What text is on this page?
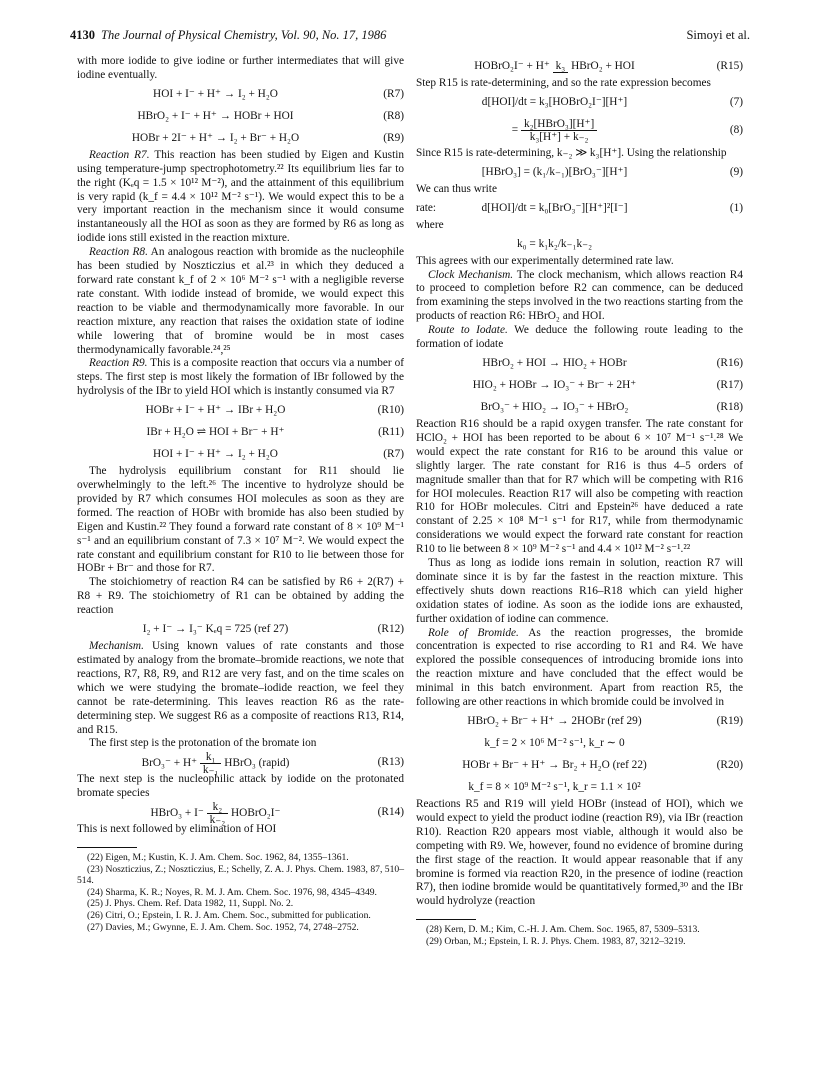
4130 The Journal of Physical Chemistry, Vol. 90, No. 17, 1986	Simoyi et al.

with more iodide to give iodine or further intermediates that will give iodine eventually.

HOI + I⁻ + H⁺ → I₂ + H₂O	(R7)
HBrO₂ + I⁻ + H⁺ → HOBr + HOI	(R8)
HOBr + 2I⁻ + H⁺ → I₂ + Br⁻ + H₂O	(R9)

Reaction R7. This reaction has been studied by Eigen and Kustin using temperature-jump spectrophotometry.²² Its equilibrium lies far to the right (Kₑq = 1.5 × 10¹² M⁻²), and the attainment of this equilibrium is very rapid (k_f = 4.4 × 10¹² M⁻² s⁻¹). We would expect this to be a very important reaction in the mechanism since it would consume instantaneously all the HOI as soon as they are formed by R6 as long as iodide ions still existed in the reaction mixture.

Reaction R8. An analogous reaction with bromide as the nucleophile has been studied by Noszticzius et al.²³ in which they deduced a forward rate constant k_f of 2 × 10⁶ M⁻² s⁻¹ with a negligible reverse rate constant. With iodide instead of bromide, we would expect this reaction to be viable and thermodynamically more favorable. In our reaction mixture, any reaction that raises the oxidation state of iodine while lowering that of bromine would be in most cases thermodynamically favorable.²⁴,²⁵

Reaction R9. This is a composite reaction that occurs via a number of steps. The first step is most likely the formation of IBr followed by the hydrolysis of the IBr to yield HOI which is instantly consumed via R7

HOBr + I⁻ + H⁺ → IBr + H₂O	(R10)
IBr + H₂O ⇌ HOI + Br⁻ + H⁺	(R11)
HOI + I⁻ + H⁺ → I₂ + H₂O	(R7)

The hydrolysis equilibrium constant for R11 should lie overwhelmingly to the left.²⁶ The incentive to hydrolyze should be provided by R7 which consumes HOI molecules as soon as they are formed. The reaction of HOBr with bromide has also been studied by Eigen and Kustin.²² They found a forward rate constant of 8 × 10⁹ M⁻¹ s⁻¹ and an equilibrium constant of 7.3 × 10⁷ M⁻². We would expect the rate constant and equilibrium constant for R10 to lie between those for HOBr + Br⁻ and those for R7.

The stoichiometry of reaction R4 can be satisfied by R6 + 2(R7) + R8 + R9. The stoichiometry of R1 can be obtained by adding the reaction

I₂ + I⁻ → I₃⁻ Kₑq = 725 (ref 27)	(R12)

Mechanism. Using known values of rate constants and those estimated by analogy from the bromate–bromide reactions, we note that reactions, R7, R8, R9, and R12 are very fast, and on the time scales on which we were studying the bromate–iodide reaction, we feel they cannot be rate-determining. This leaves reaction R6 as the rate-determining step. We suggest R6 as a composite of reactions R13, R14, and R15.

The first step is the protonation of the bromate ion

$BrO_3^- + H^+ \frac{\text{k₁}}{\text{k₋₁}}$ HBrO₃ (rapid)	(R13)

The next step is the nucleophilic attack by iodide on the protonated bromate species

HBrO₃ + $I^- \frac{\text{k₂}}{\text{k₋₂}}$ HOBrO₂I⁻	(R14)

This is next followed by elimination of HOI

(22) Eigen, M.; Kustin, K. J. Am. Chem. Soc. 1962, 84, 1355–1361.

(23) Noszticzius, Z.; Noszticzius, E.; Schelly, Z. A. J. Phys. Chem. 1983, 87, 510–514.

(24) Sharma, K. R.; Noyes, R. M. J. Am. Chem. Soc. 1976, 98, 4345–4349.

(25) J. Phys. Chem. Ref. Data 1982, 11, Suppl. No. 2.

(26) Citri, O.; Epstein, I. R. J. Am. Chem. Soc., submitted for publication.

(27) Davies, M.; Gwynne, E. J. Am. Chem. Soc. 1952, 74, 2748–2752.

HOBrO₂I⁻ + H⁺ k₃ HBrO₂ + HOI	(R15)

Step R15 is rate-determining, and so the rate expression becomes

d[HOI]/dt = k₃[HOBrO₂I⁻][H⁺]	(7)
= $\frac{\text{k₂[HBrO₃][H⁺]}}{\text{k₃[H⁺] + k₋₂}}$	(8)

Since R15 is rate-determining, k₋₂ ≫ k₃[H⁺]. Using the relationship

[HBrO₃] = (k₁/k₋₁)[BrO₃⁻][H⁺]	(9)

We can thus write

rate:	d[HOI]/dt = k₀[BrO₃⁻][H⁺]²[I⁻]	(1)

where

k₀ = k₁k₂/k₋₁k₋₂

This agrees with our experimentally determined rate law.

Clock Mechanism. The clock mechanism, which allows reaction R4 to proceed to completion before R2 can commence, can be deduced from examining the steps involved in the two reactions starting from the products of reaction R6: HBrO₂ and HOI.

Route to Iodate. We deduce the following route leading to the formation of iodate

HBrO₂ + HOI → HIO₂ + HOBr	(R16)
HIO₂ + HOBr → IO₃⁻ + Br⁻ + 2H⁺	(R17)
BrO₃⁻ + HIO₂ → IO₃⁻ + HBrO₂	(R18)

Reaction R16 should be a rapid oxygen transfer. The rate constant for HClO₂ + HOI has been reported to be about 6 × 10⁷ M⁻¹ s⁻¹.²⁸ We would expect the rate constant for R16 to be around this value or slightly larger. The rate constant for R16 is thus 4–5 orders of magnitude smaller than that for R7 which will be competing with R16 for HOI molecules. Reaction R17 will also be competing with reaction R10 for HOBr molecules. Citri and Epstein²⁶ have deduced a rate constant of 2.25 × 10⁸ M⁻¹ s⁻¹ for R17, while from thermodynamic considerations we would expect the forward rate constant for reaction R10 to lie between 8 × 10⁹ M⁻² s⁻¹ and 4.4 × 10¹² M⁻² s⁻¹.²²

Thus as long as iodide ions remain in solution, reaction R7 will dominate since it is by far the fastest in the reaction mixture. This effectively shuts down reactions R16–R18 which can yield higher oxidation states of iodine. As soon as the iodide ions are exhausted, further oxidation of iodine can commence.

Role of Bromide. As the reaction progresses, the bromide concentration is expected to rise according to R1 and R4. We have explored the possible consequences of introducing bromide ions into the reaction mixture and have concluded that the effect would be minimal in this batch environment. Apart from reaction R5, the following are other reactions in which bromide could be involved in

HBrO₂ + Br⁻ + H⁺ → 2HOBr (ref 29)	(R19)
k_f = 2 × 10⁶ M⁻² s⁻¹, k_r ∼ 0
HOBr + Br⁻ + H⁺ → Br₂ + H₂O (ref 22)	(R20)
k_f = 8 × 10⁹ M⁻² s⁻¹, k_r = 1.1 × 10²

Reactions R5 and R19 will yield HOBr (instead of HOI), which we would expect to yield the product iodine (reaction R9), via IBr (reaction R10). Reaction R20 appears most viable, although it would also be competing with R9. We, however, found no evidence of bromine during the first stage of the reaction. It would appear reasonable that if any bromine is formed via reaction R20, in the presence of iodine (reaction R7), then iodine bromide would be quantitatively formed,³⁰ and the IBr would hydrolyze (reaction

(28) Kern, D. M.; Kim, C.-H. J. Am. Chem. Soc. 1965, 87, 5309–5313.

(29) Orban, M.; Epstein, I. R. J. Phys. Chem. 1983, 87, 3212–3219.
